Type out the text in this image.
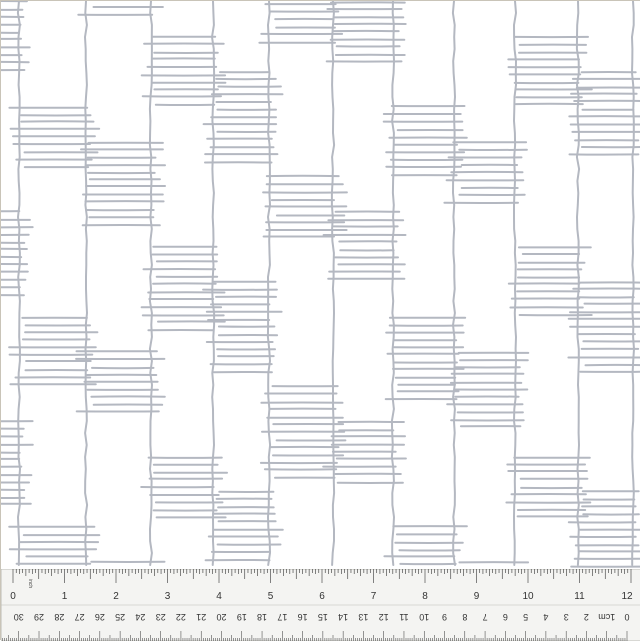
0	1	2	3	4	5	6	7	8	9	10	11	12
inch
30 29 28 27 26 25 24 23 22 21 20 19 18 17 16 15 14 13 12 11 10 9 8 7 6 5 4 3 2 1cm 0
